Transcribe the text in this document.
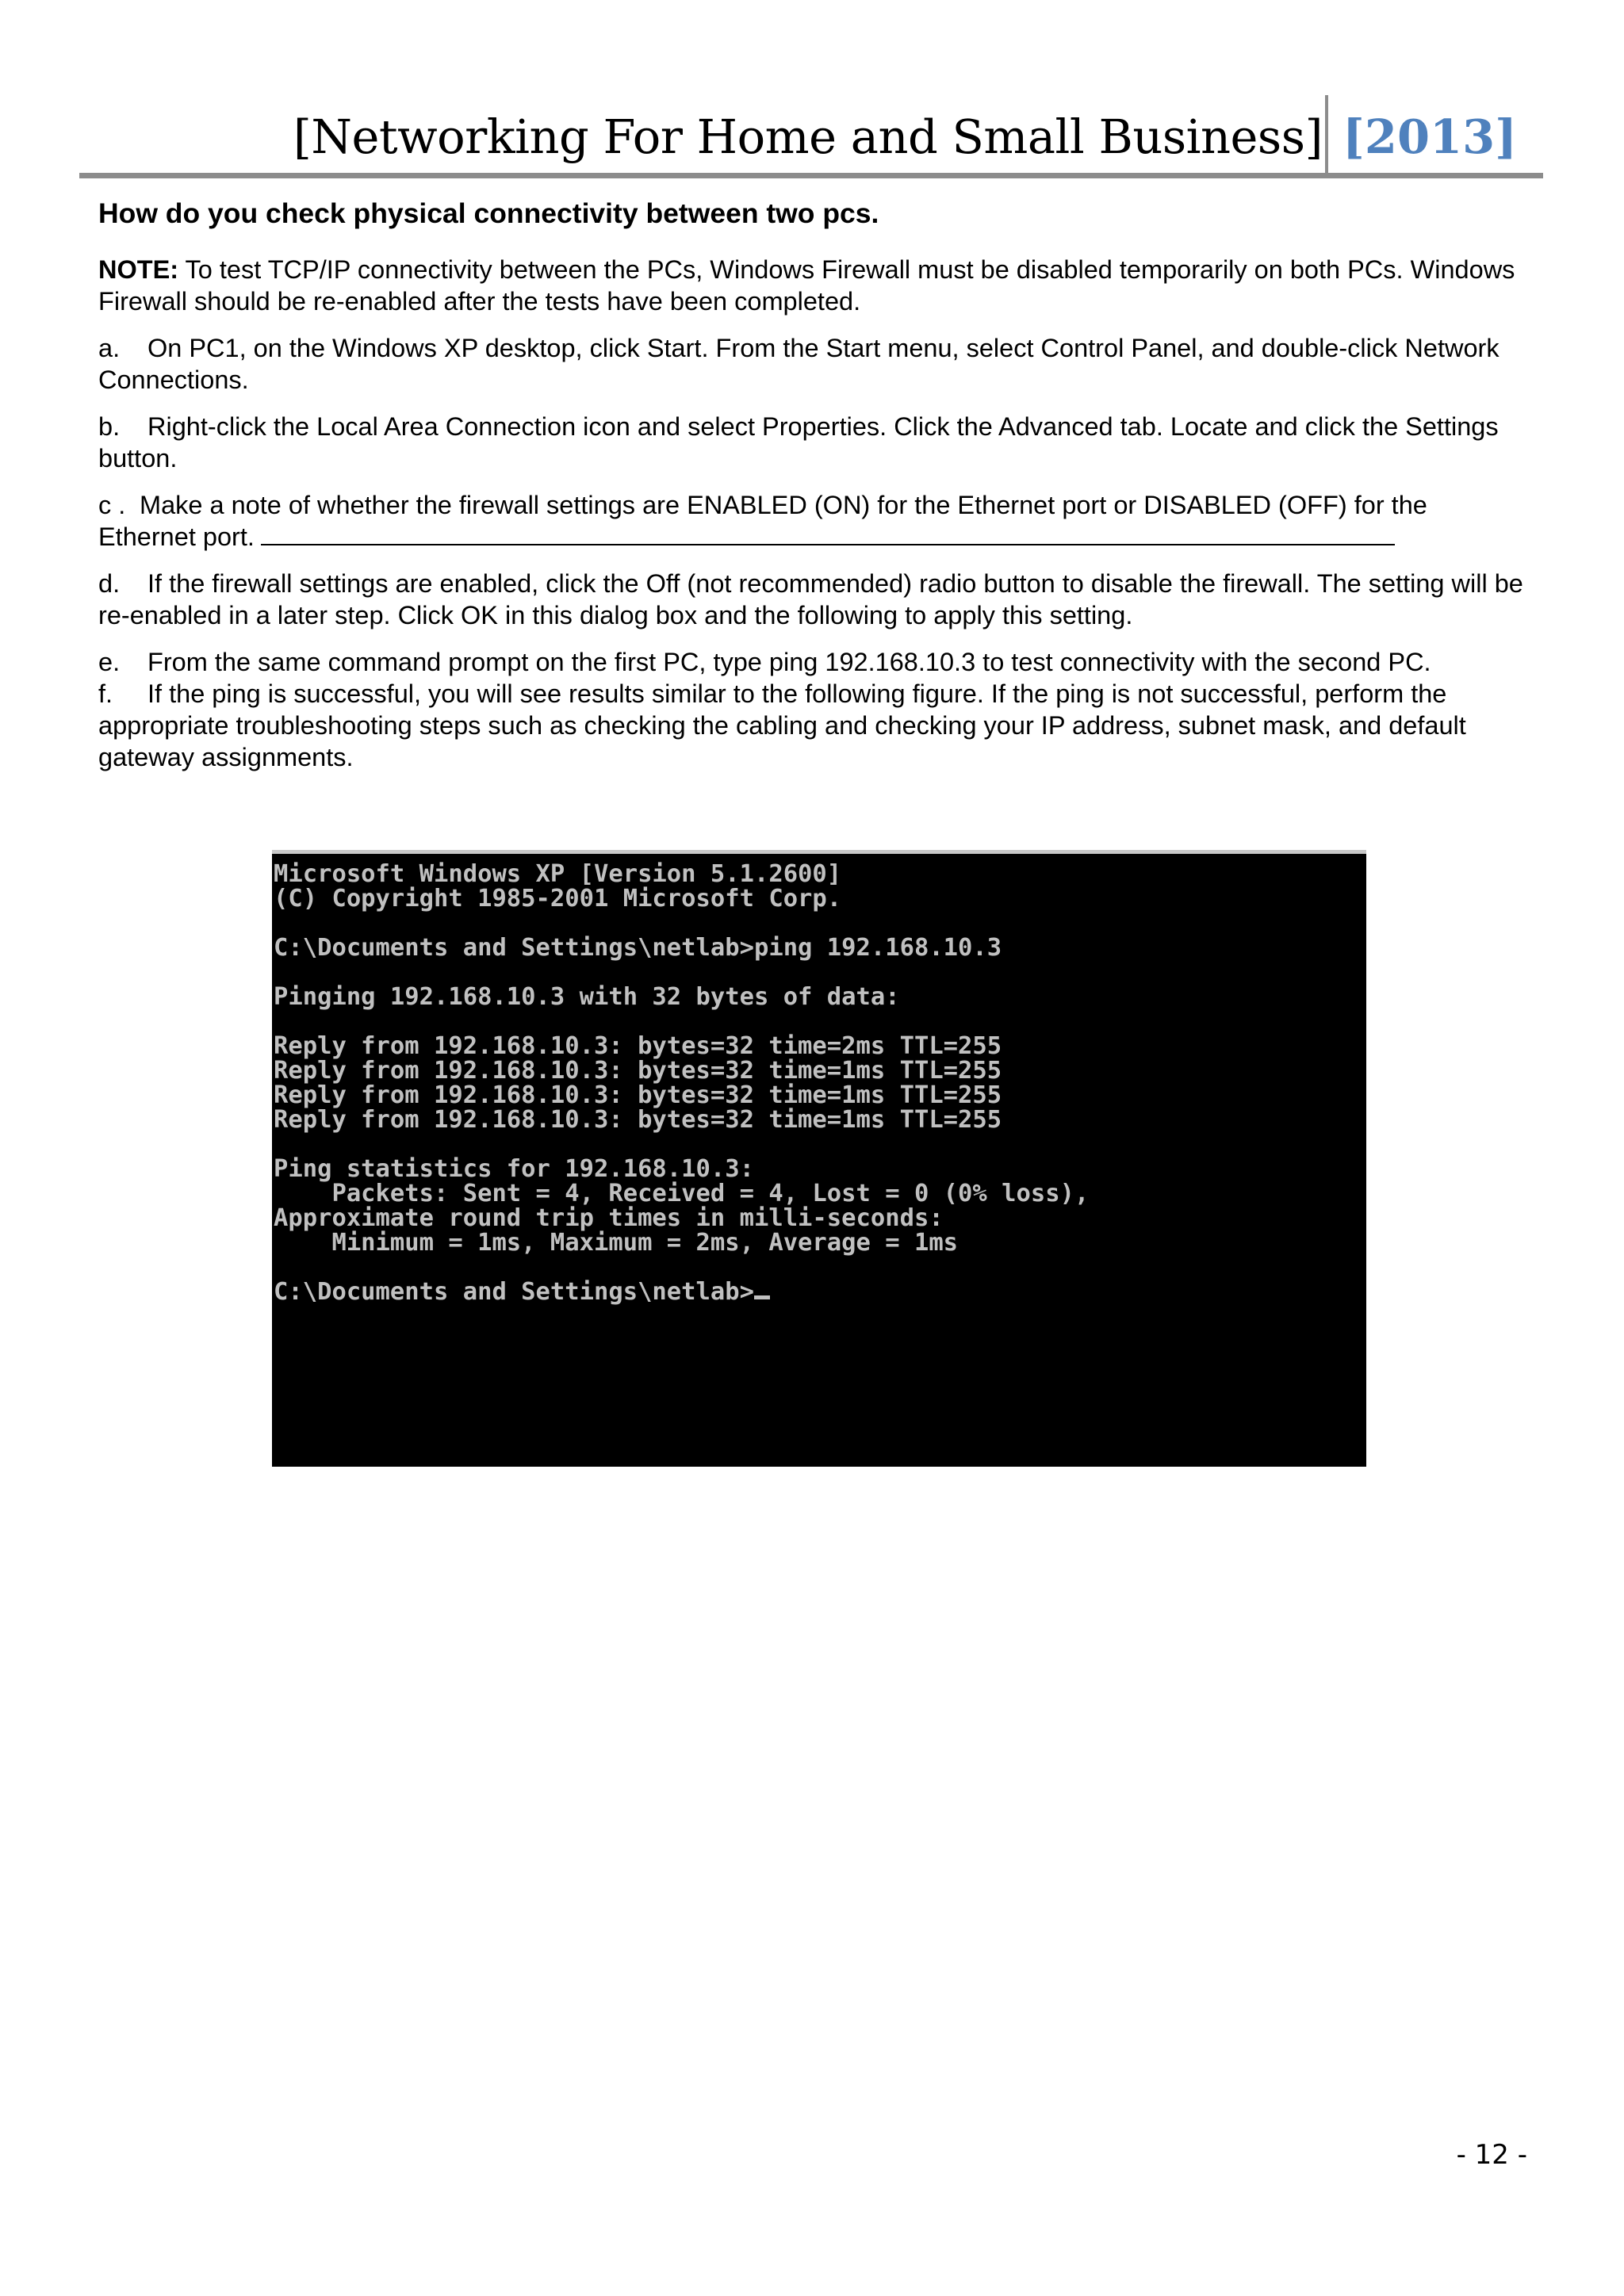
[Networking For Home and Small Business] [2013]
How do you check physical connectivity between two pcs.

NOTE: To test TCP/IP connectivity between the PCs, Windows Firewall must be disabled temporarily on both PCs. Windows Firewall should be re-enabled after the tests have been completed.

a. On PC1, on the Windows XP desktop, click Start. From the Start menu, select Control Panel, and double-click Network Connections.

b. Right-click the Local Area Connection icon and select Properties. Click the Advanced tab. Locate and click the Settings button.

c . Make a note of whether the firewall settings are ENABLED (ON) for the Ethernet port or DISABLED (OFF) for the Ethernet port.

d. If the firewall settings are enabled, click the Off (not recommended) radio button to disable the firewall. The setting will be re-enabled in a later step. Click OK in this dialog box and the following to apply this setting.

e. From the same command prompt on the first PC, type ping 192.168.10.3 to test connectivity with the second PC.

f. If the ping is successful, you will see results similar to the following figure. If the ping is not successful, perform the appropriate troubleshooting steps such as checking the cabling and checking your IP address, subnet mask, and default gateway assignments.

Microsoft Windows XP [Version 5.1.2600]
(C) Copyright 1985-2001 Microsoft Corp.

C:\Documents and Settings\netlab>ping 192.168.10.3

Pinging 192.168.10.3 with 32 bytes of data:

Reply from 192.168.10.3: bytes=32 time=2ms TTL=255
Reply from 192.168.10.3: bytes=32 time=1ms TTL=255
Reply from 192.168.10.3: bytes=32 time=1ms TTL=255
Reply from 192.168.10.3: bytes=32 time=1ms TTL=255

Ping statistics for 192.168.10.3:
Packets: Sent = 4, Received = 4, Lost = 0 (0% loss),
Approximate round trip times in milli-seconds:
Minimum = 1ms, Maximum = 2ms, Average = 1ms

C:\Documents and Settings\netlab>
- 12 -
